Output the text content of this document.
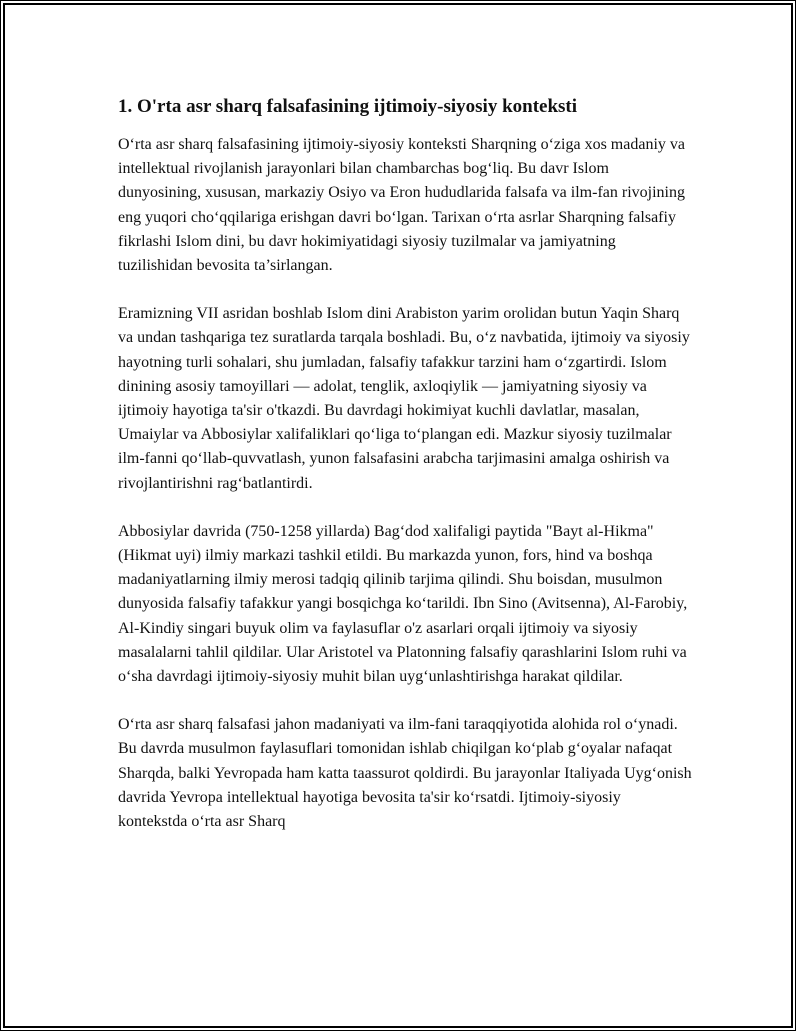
1. O'rta asr sharq falsafasining ijtimoiy-siyosiy konteksti

O‘rta asr sharq falsafasining ijtimoiy-siyosiy konteksti Sharqning o‘ziga xos madaniy va intellektual rivojlanish jarayonlari bilan chambarchas bog‘liq. Bu davr Islom dunyosining, xususan, markaziy Osiyo va Eron hududlarida falsafa va ilm-fan rivojining eng yuqori cho‘qqilariga erishgan davri bo‘lgan. Tarixan o‘rta asrlar Sharqning falsafiy fikrlashi Islom dini, bu davr hokimiyatidagi siyosiy tuzilmalar va jamiyatning tuzilishidan bevosita ta’sirlangan.

Eramizning VII asridan boshlab Islom dini Arabiston yarim orolidan butun Yaqin Sharq va undan tashqariga tez suratlarda tarqala boshladi. Bu, o‘z navbatida, ijtimoiy va siyosiy hayotning turli sohalari, shu jumladan, falsafiy tafakkur tarzini ham o‘zgartirdi. Islom dinining asosiy tamoyillari — adolat, tenglik, axloqiylik — jamiyatning siyosiy va ijtimoiy hayotiga ta'sir o'tkazdi. Bu davrdagi hokimiyat kuchli davlatlar, masalan, Umaiylar va Abbosiylar xalifaliklari qo‘liga to‘plangan edi. Mazkur siyosiy tuzilmalar ilm-fanni qo‘llab-quvvatlash, yunon falsafasini arabcha tarjimasini amalga oshirish va rivojlantirishni rag‘batlantirdi.

Abbosiylar davrida (750-1258 yillarda) Bag‘dod xalifaligi paytida "Bayt al-Hikma" (Hikmat uyi) ilmiy markazi tashkil etildi. Bu markazda yunon, fors, hind va boshqa madaniyatlarning ilmiy merosi tadqiq qilinib tarjima qilindi. Shu boisdan, musulmon dunyosida falsafiy tafakkur yangi bosqichga ko‘tarildi. Ibn Sino (Avitsenna), Al-Farobiy, Al-Kindiy singari buyuk olim va faylasuflar o'z asarlari orqali ijtimoiy va siyosiy masalalarni tahlil qildilar. Ular Aristotel va Platonning falsafiy qarashlarini Islom ruhi va o‘sha davrdagi ijtimoiy-siyosiy muhit bilan uyg‘unlashtirishga harakat qildilar.

O‘rta asr sharq falsafasi jahon madaniyati va ilm-fani taraqqiyotida alohida rol o‘ynadi. Bu davrda musulmon faylasuflari tomonidan ishlab chiqilgan ko‘plab g‘oyalar nafaqat Sharqda, balki Yevropada ham katta taassurot qoldirdi. Bu jarayonlar Italiyada Uyg‘onish davrida Yevropa intellektual hayotiga bevosita ta'sir ko‘rsatdi. Ijtimoiy-siyosiy kontekstda o‘rta asr Sharq
